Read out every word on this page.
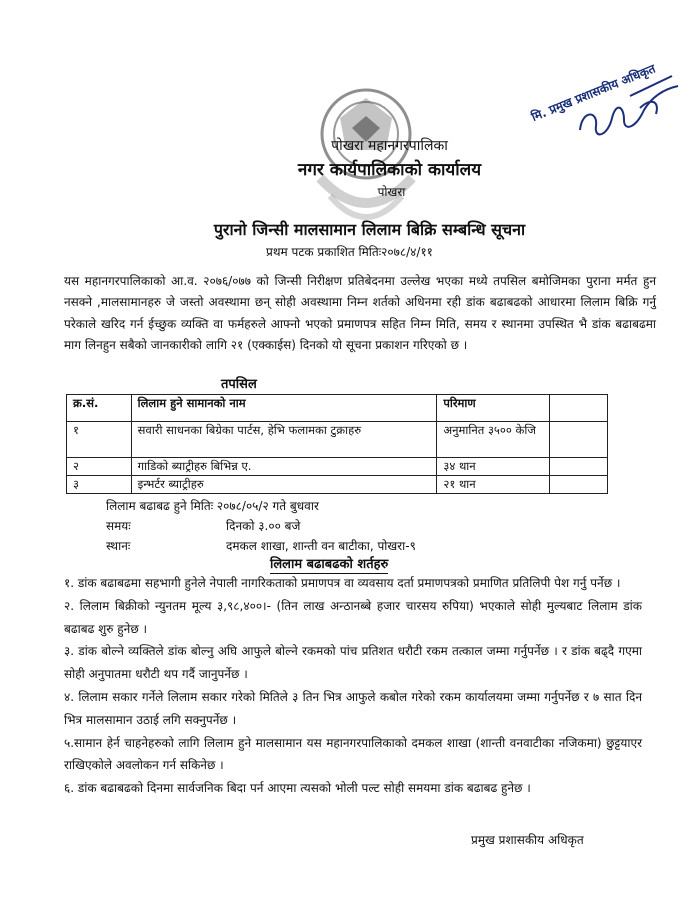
पोखरा महानगरपालिका
नगर कार्यपालिकाको कार्यालय
पोखरा
पुरानो जिन्सी मालसामान लिलाम बिक्रि सम्बन्धि सूचना
प्रथम पटक प्रकाशित मितिः२०७८/४/११
मि. प्रमुख प्रशासकीय अधिकृत
यस महानगरपालिकाको आ.व. २०७६/०७७ को जिन्सी निरीक्षण प्रतिबेदनमा उल्लेख भएका मध्ये तपसिल बमोजिमका पुराना मर्मत हुन नसक्ने ,मालसामानहरु जे जस्तो अवस्थामा छन् सोही अवस्थामा निम्न शर्तको अधिनमा रही डांक बढाबढको आधारमा लिलाम बिक्रि गर्नु परेकाले खरिद गर्न ईच्छुक व्यक्ति वा फर्महरुले आफ्नो भएको प्रमाणपत्र सहित निम्न मिति, समय र स्थानमा उपस्थित भै डांक बढाबढमा माग लिनहुन सबैको जानकारीको लागि २१ (एक्काईस) दिनको यो सूचना प्रकाशन गरिएको छ ।
तपसिल
क्र.सं.	लिलाम हुने सामानको नाम	परिमाण	
१	सवारी साधनका बिग्रेका पार्टस, हेभि फलामका टुक्राहरु	अनुमानित ३५०० केजि	
२	गाडिको ब्याट्रीहरु बिभिन्न ए.	३४ थान	
३	इन्भर्टर ब्याट्रीहरु	२१ थान	
लिलाम बढाबढ हुने मितिः २०७८/०५/२ गते बुधवार
समयः	दिनको ३.०० बजे
स्थानः	दमकल शाखा, शान्ती वन बाटीका, पोखरा-९
लिलाम बढाबढको शर्तहरु

१. डांक बढाबढमा सहभागी हुनेले नेपाली नागरिकताको प्रमाणपत्र वा व्यवसाय दर्ता प्रमाणपत्रको प्रमाणित प्रतिलिपी पेश गर्नु पर्नेछ ।

२. लिलाम बिक्रीको न्युनतम मूल्य ३,९८,४००।- (तिन लाख अन्ठानब्बे हजार चारसय रुपिया) भएकाले सोही मुल्यबाट लिलाम डांक बढाबढ शुरु हुनेछ ।

३. डांक बोल्ने व्यक्तिले डांक बोल्नु अघि आफुले बोल्ने रकमको पांच प्रतिशत धरौटी रकम तत्काल जम्मा गर्नुपर्नेछ । र डांक बढ्दै गएमा सोही अनुपातमा धरौटी थप गर्दै जानुपर्नेछ ।

४. लिलाम सकार गर्नेले लिलाम सकार गरेको मितिले ३ तिन भित्र आफुले कबोल गरेको रकम कार्यालयमा जम्मा गर्नुपर्नेछ र ७ सात दिन भित्र मालसामान उठाई लगि सक्नुपर्नेछ ।

५.सामान हेर्न चाहनेहरुको लागि लिलाम हुने मालसामान यस महानगरपालिकाको दमकल शाखा (शान्ती वनवाटीका नजिकमा) छुट्टयाएर राखिएकोले अवलोकन गर्न सकिनेछ ।

६. डांक बढाबढको दिनमा सार्वजनिक बिदा पर्न आएमा त्यसको भोली पल्ट सोही समयमा डांक बढाबढ हुनेछ ।

प्रमुख प्रशासकीय अधिकृत
